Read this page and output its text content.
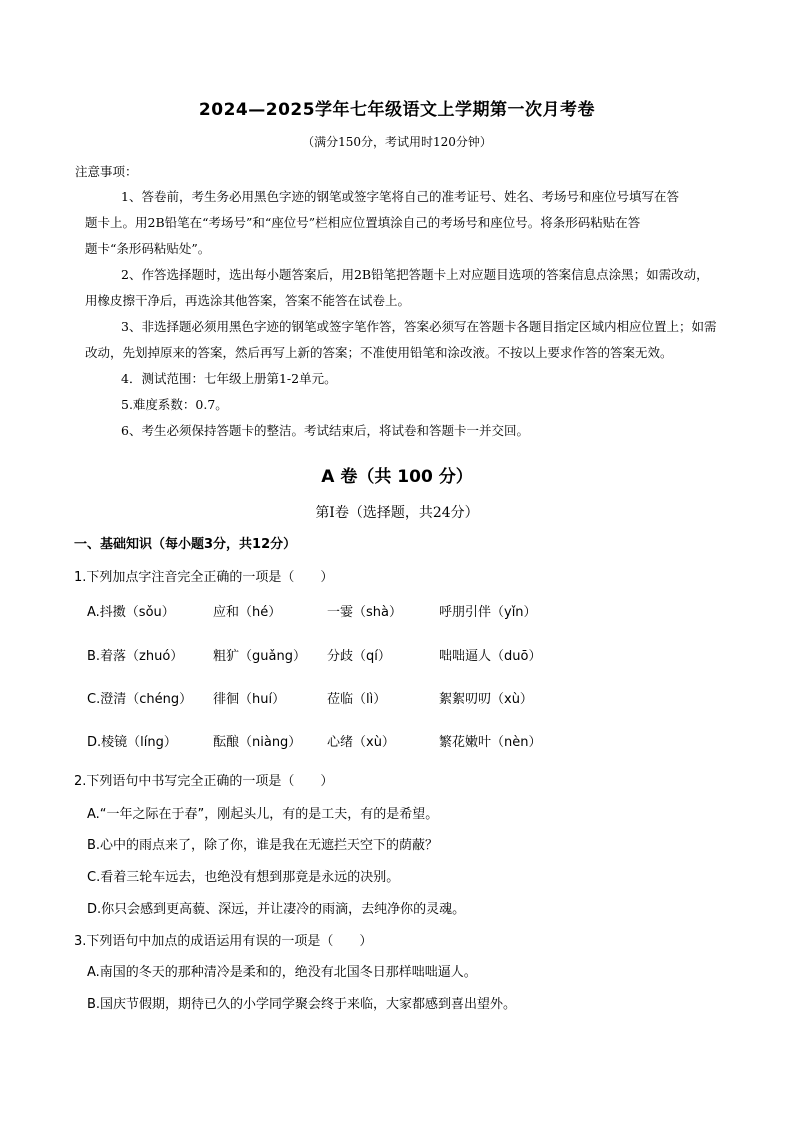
2024—2025学年七年级语文上学期第一次月考卷
（满分150分，考试用时120分钟）
注意事项：

1、答卷前，考生务必用黑色字迹的钢笔或签字笔将自己的准考证号、姓名、考场号和座位号填写在答

题卡上。用2B铅笔在“考场号”和“座位号”栏相应位置填涂自己的考场号和座位号。将条形码粘贴在答

题卡“条形码粘贴处”。

2、作答选择题时，选出每小题答案后，用2B铅笔把答题卡上对应题目选项的答案信息点涂黑；如需改动，

用橡皮擦干净后，再选涂其他答案，答案不能答在试卷上。

3、非选择题必须用黑色字迹的钢笔或签字笔作答，答案必须写在答题卡各题目指定区域内相应位置上；如需

改动，先划掉原来的答案，然后再写上新的答案；不准使用铅笔和涂改液。不按以上要求作答的答案无效。

4．测试范围：七年级上册第1-2单元。

5.难度系数：0.7。

6、考生必须保持答题卡的整洁。考试结束后，将试卷和答题卡一并交回。

A 卷（共 100 分）
第Ⅰ卷（选择题，共24分）
一、基础知识（每小题3分，共12分）
1.下列加点字注音完全正确的一项是（　　）
A.抖擞（sǒu）	应和（hé）	一霎（shà）	呼朋引伴（yǐn）
B.着落（zhuó） 粗犷（guǎng） 分歧（qí）	咄咄逼人（duō）
C.澄清（chéng） 徘徊（huí）	莅临（lì）	絮絮叨叨（xù）
D.棱镜（líng）	酝酿（niàng） 心绪（xù）	繁花嫩叶（nèn）
2.下列语句中书写完全正确的一项是（　　）
A.“一年之际在于春”，刚起头儿，有的是工夫，有的是希望。
B.心中的雨点来了，除了你，谁是我在无遮拦天空下的荫蔽？
C.看着三轮车远去，也绝没有想到那竟是永远的决别。
D.你只会感到更高藐、深远，并让凄冷的雨滴，去纯净你的灵魂。
3.下列语句中加点的成语运用有误的一项是（　　）
A.南国的冬天的那种清冷是柔和的，绝没有北国冬日那样咄咄逼人。
B.国庆节假期，期待已久的小学同学聚会终于来临，大家都感到喜出望外。
